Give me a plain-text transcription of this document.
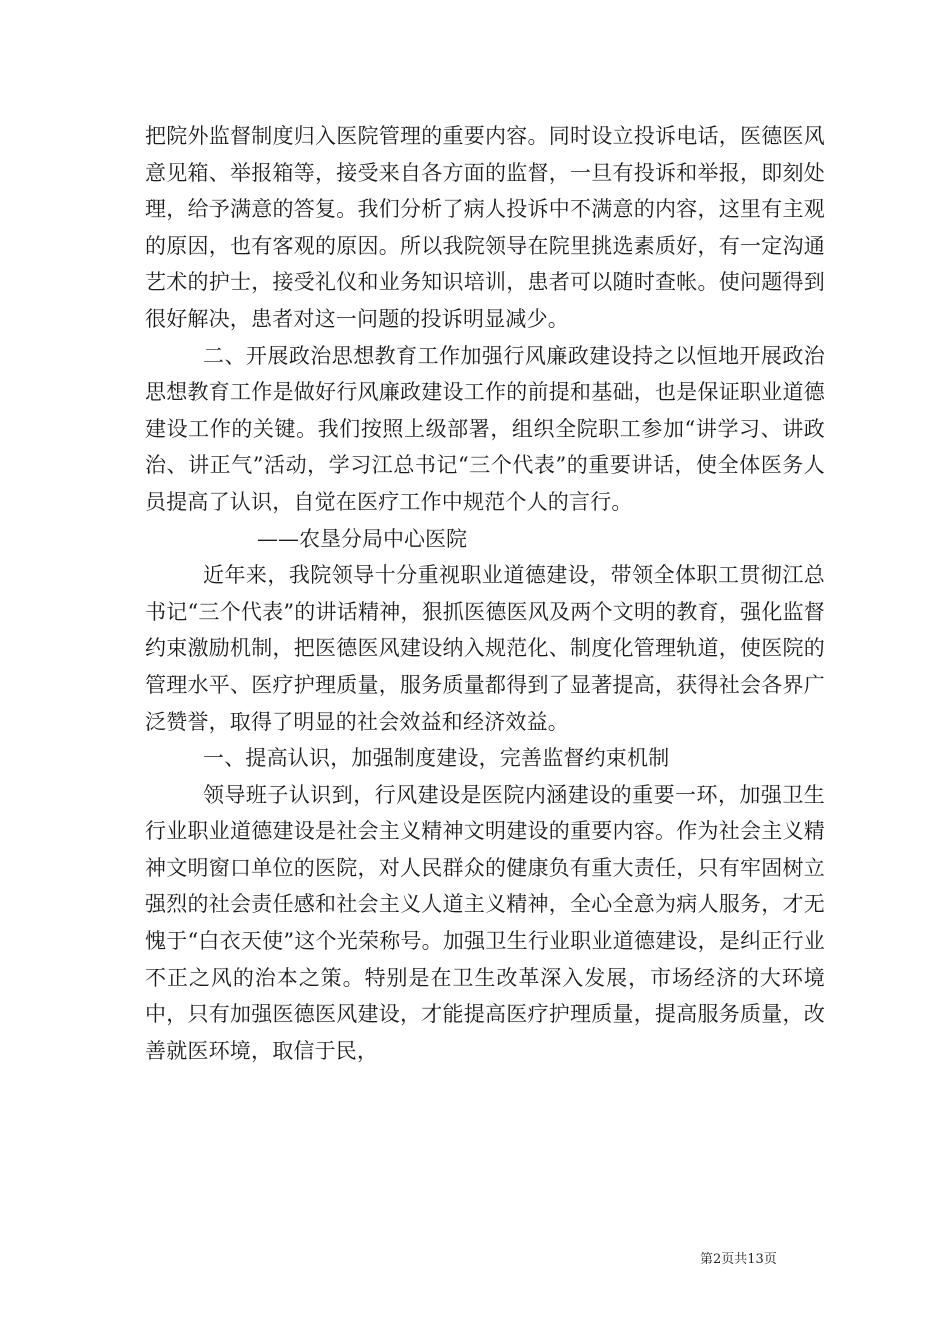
把院外监督制度归入医院管理的重要内容。同时设立投诉电话，医德医风意见箱、举报箱等，接受来自各方面的监督，一旦有投诉和举报，即刻处理，给予满意的答复。我们分析了病人投诉中不满意的内容，这里有主观的原因，也有客观的原因。所以我院领导在院里挑选素质好，有一定沟通艺术的护士，接受礼仪和业务知识培训，患者可以随时查帐。使问题得到很好解决，患者对这一问题的投诉明显减少。

二、开展政治思想教育工作加强行风廉政建设持之以恒地开展政治思想教育工作是做好行风廉政建设工作的前提和基础，也是保证职业道德建设工作的关键。我们按照上级部署，组织全院职工参加“讲学习、讲政治、讲正气”活动，学习江总书记“三个代表”的重要讲话，使全体医务人员提高了认识，自觉在医疗工作中规范个人的言行。

——农垦分局中心医院

近年来，我院领导十分重视职业道德建设，带领全体职工贯彻江总书记“三个代表”的讲话精神，狠抓医德医风及两个文明的教育，强化监督约束激励机制，把医德医风建设纳入规范化、制度化管理轨道，使医院的管理水平、医疗护理质量，服务质量都得到了显著提高，获得社会各界广泛赞誉，取得了明显的社会效益和经济效益。

一、提高认识，加强制度建设，完善监督约束机制

领导班子认识到，行风建设是医院内涵建设的重要一环，加强卫生行业职业道德建设是社会主义精神文明建设的重要内容。作为社会主义精神文明窗口单位的医院，对人民群众的健康负有重大责任，只有牢固树立强烈的社会责任感和社会主义人道主义精神，全心全意为病人服务，才无愧于“白衣天使”这个光荣称号。加强卫生行业职业道德建设，是纠正行业不正之风的治本之策。特别是在卫生改革深入发展，市场经济的大环境中，只有加强医德医风建设，才能提高医疗护理质量，提高服务质量，改善就医环境，取信于民，

第2页共13页
